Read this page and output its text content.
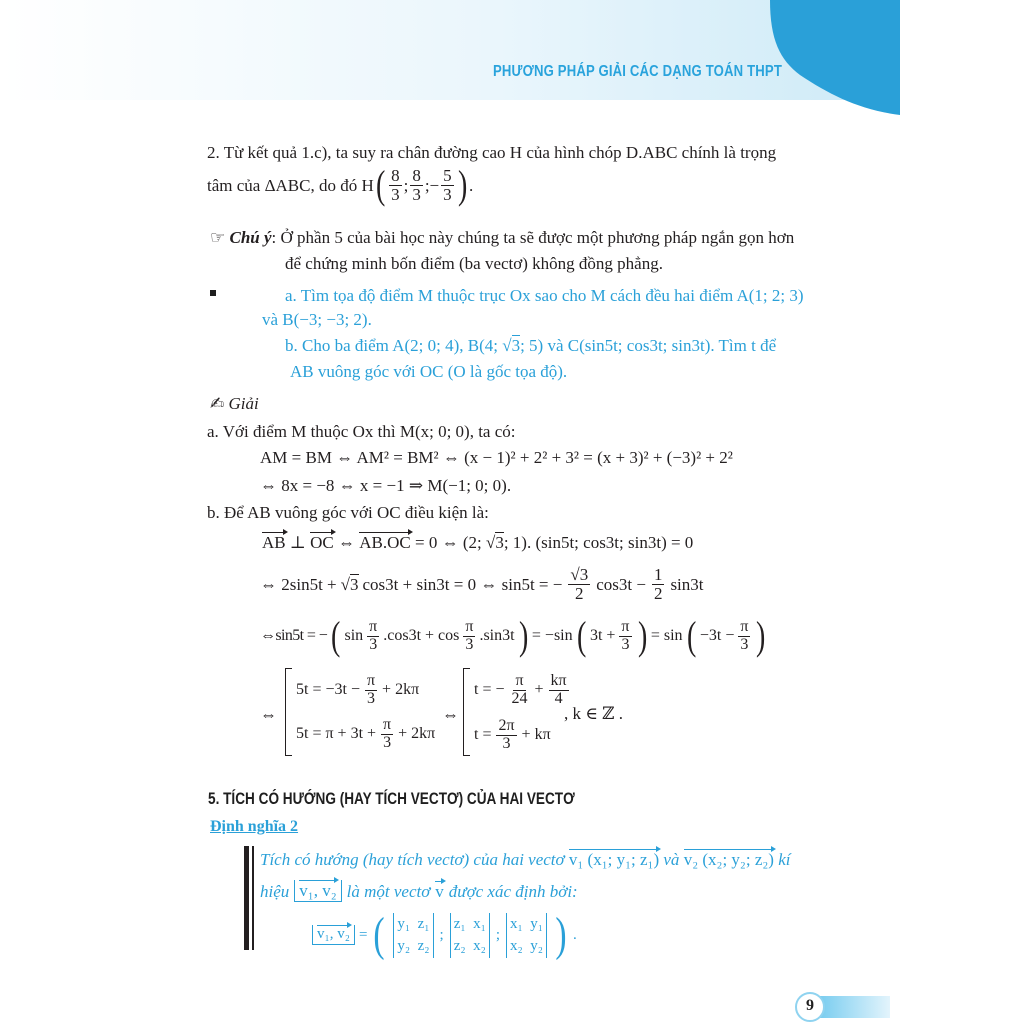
PHƯƠNG PHÁP GIẢI CÁC DẠNG TOÁN THPT
2. Từ kết quả 1.c), ta suy ra chân đường cao H của hình chóp D.ABC chính là trọng
tâm của ΔABC, do đó H ( $\frac{8}{3}$ ; $\frac{8}{3}$ ; − $\frac{5}{3}$ ) .
☞ Chú ý: Ở phần 5 của bài học này chúng ta sẽ được một phương pháp ngắn gọn hơn
để chứng minh bốn điểm (ba vectơ) không đồng phẳng.
a. Tìm tọa độ điểm M thuộc trục Ox sao cho M cách đều hai điểm A(1; 2; 3)
và B(−3; −3; 2).
b. Cho ba điểm A(2; 0; 4), B(4; √3; 5) và C(sin5t; cos3t; sin3t). Tìm t để
AB vuông góc với OC (O là gốc tọa độ).
✍ Giải
a. Với điểm M thuộc Ox thì M(x; 0; 0), ta có:
AM = BM ⇔ AM² = BM² ⇔ (x − 1)² + 2² + 3² = (x + 3)² + (−3)² + 2²
⇔ 8x = −8 ⇔ x = −1 ⇒ M(−1; 0; 0).
b. Để AB vuông góc với OC điều kiện là:
AB ⊥ OC ⇔ AB.OC = 0 ⇔ (2; √3; 1). (sin5t; cos3t; sin3t) = 0
⇔ 2sin5t + √3 cos3t + sin3t = 0 ⇔ sin5t = − $\frac{√3}{2} \cos 3t - \frac{1}{2} \sin 3t$
⇔sin5t = − ( $\sin \frac{\pi}{3} .\cos 3t + \cos \frac{\pi}{3} .\sin 3t$ ) = −sin ( $3t + \frac{\pi}{3}$ ) = sin ( $-3t - \frac{\pi}{3}$ )
⇔
$5t = -3t - \frac{\pi}{3} + 2k\pi$
$5t = \pi + 3t + \frac{\pi}{3} + 2k\pi$
⇔
t = − $\frac{\pi}{24} + \frac{k\pi}{4}$
$t = \frac{2\pi}{3} + k\pi$
, k ∈ ℤ .
5. TÍCH CÓ HƯỚNG (HAY TÍCH VECTƠ) CỦA HAI VECTƠ
Định nghĩa 2
Tích có hướng (hay tích vectơ) của hai vectơ v₁ (x₁; y₁; z₁) và v₂ (x₂; y₂; z₂) kí
hiệu v₁, v₂ là một vectơ v được xác định bởi:
v₁, v₂ = ( y₁  z₁
y₂  z₂
;
z₁  x₁
z₂  x₂
;
x₁  y₁
x₂  y₂ ) .
9
